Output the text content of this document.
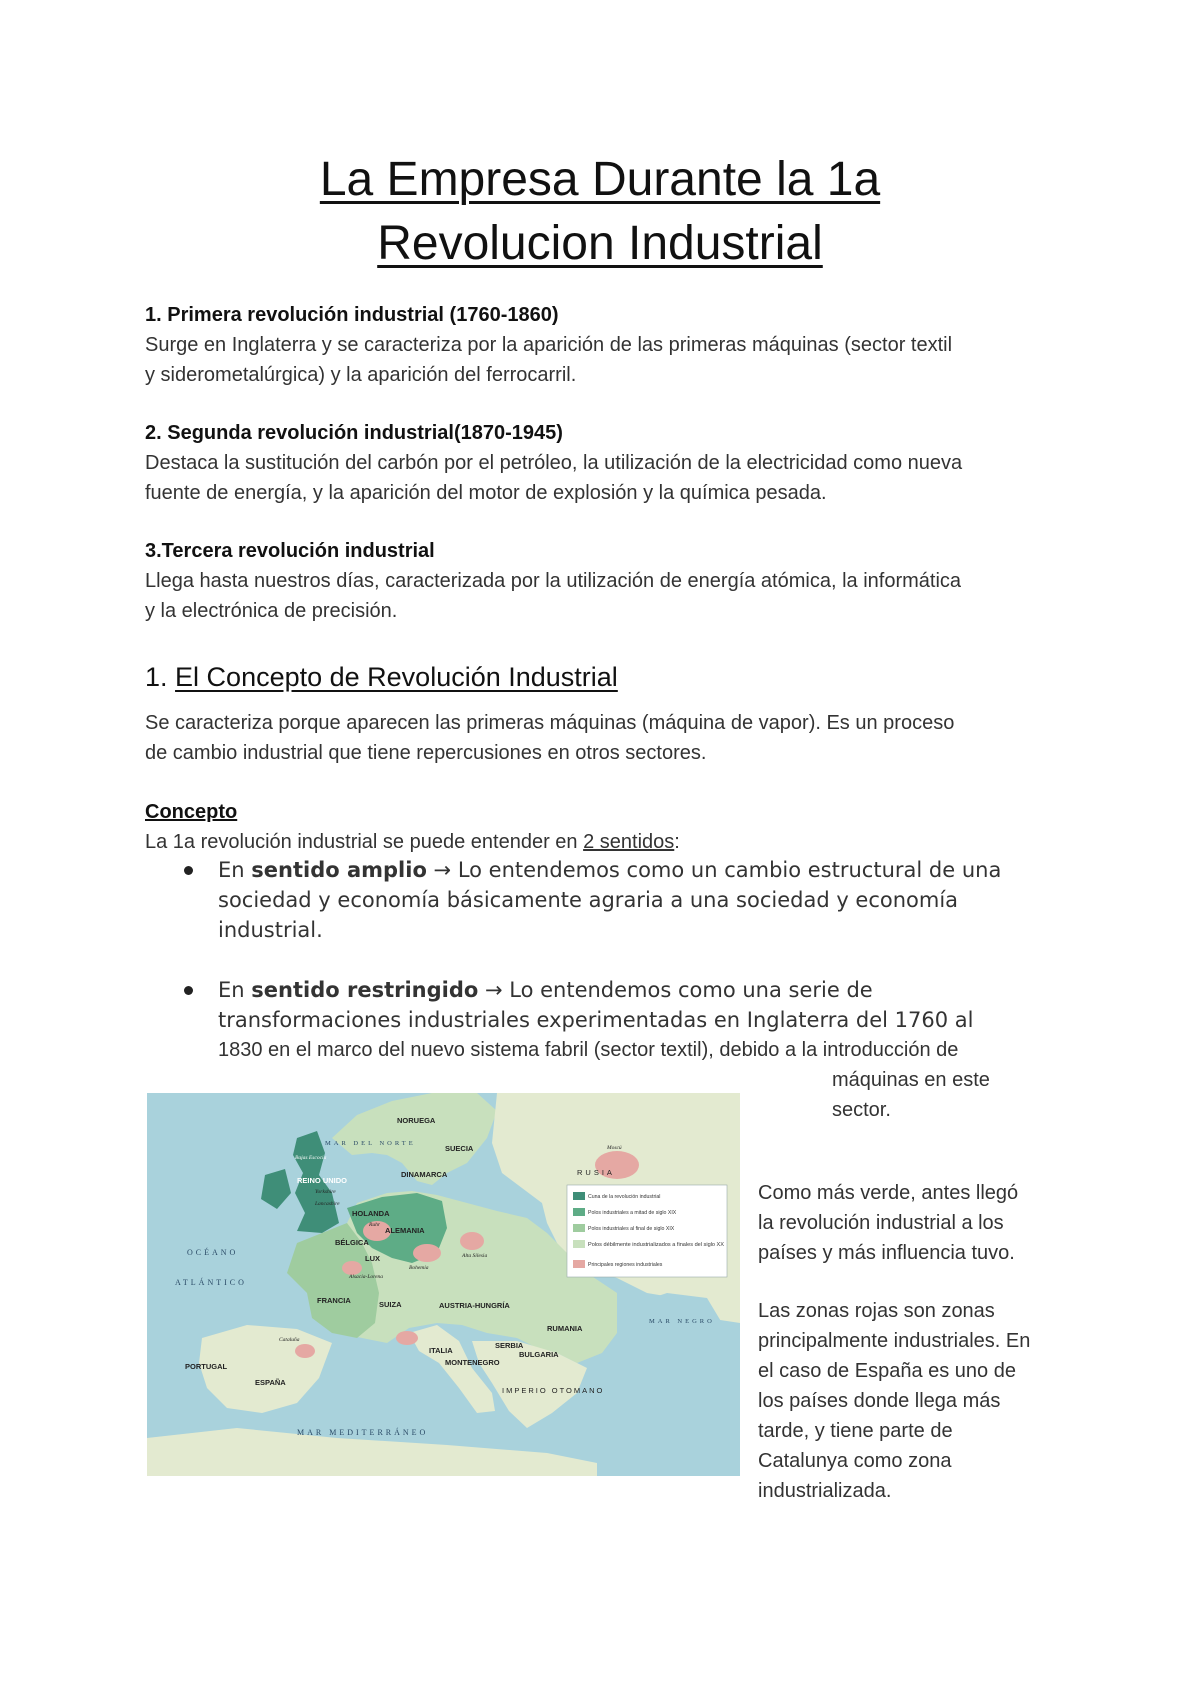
La Empresa Durante la 1a
Revolucion Industrial
1. Primera revolución industrial (1760-1860)
Surge en Inglaterra y se caracteriza por la aparición de las primeras máquinas (sector textil
y siderometalúrgica) y la aparición del ferrocarril.
2. Segunda revolución industrial(1870-1945)
Destaca la sustitución del carbón por el petróleo, la utilización de la electricidad como nueva
fuente de energía, y la aparición del motor de explosión y la química pesada.
3.Tercera revolución industrial
Llega hasta nuestros días, caracterizada por la utilización de energía atómica, la informática
y la electrónica de precisión.
1. El Concepto de Revolución Industrial
Se caracteriza porque aparecen las primeras máquinas (máquina de vapor). Es un proceso
de cambio industrial que tiene repercusiones en otros sectores.
Concepto
La 1a revolución industrial se puede entender en 2 sentidos:
En sentido amplio → Lo entendemos como un cambio estructural de una
sociedad y economía básicamente agraria a una sociedad y economía
industrial.
En sentido restringido → Lo entendemos como una serie de
transformaciones industriales experimentadas en Inglaterra del 1760 al
1830 en el marco del nuevo sistema fabril (sector textil), debido a la introducción de
máquinas en este
sector.
Cuna de la revolución industrial
Polos industriales a mitad de siglo XIX
Polos industriales al final de siglo XIX
Polos débilmente industrializados a finales del siglo XX
Principales regiones industriales
NORUEGA
SUECIA
RUSIA
DINAMARCA
REINO UNIDO
HOLANDA
BÉLGICA
ALEMANIA
LUX
FRANCIA	SUIZA	AUSTRIA-HUNGRÍA
RUMANIA
ITALIA
MONTENEGRO
SERBIA
BULGARIA
IMPERIO OTOMANO
PORTUGAL
ESPAÑA
MAR DEL NORTE
OCÉANO
ATLÁNTICO
MAR MEDITERRÁNEO
MAR NEGRO
Bajas Escocia
Yorkshire
Lancashire
Ruhr
Alsacia-Lorena
Bohemia
Alta Silesia
Moscú
Cataluña
Como más verde, antes llegó
la revolución industrial a los
países y más influencia tuvo.
Las zonas rojas son zonas
principalmente industriales. En
el caso de España es uno de
los países donde llega más
tarde, y tiene parte de
Catalunya como zona
industrializada.
